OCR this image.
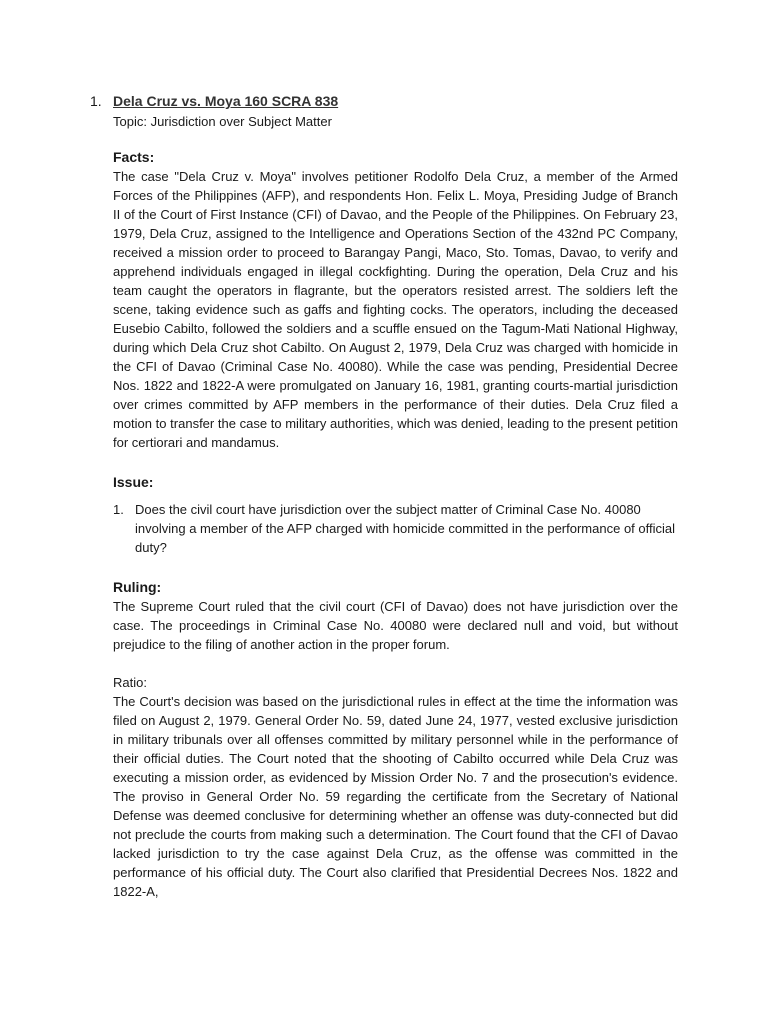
1. Dela Cruz vs. Moya 160 SCRA 838
Topic: Jurisdiction over Subject Matter
Facts:

The case "Dela Cruz v. Moya" involves petitioner Rodolfo Dela Cruz, a member of the Armed Forces of the Philippines (AFP), and respondents Hon. Felix L. Moya, Presiding Judge of Branch II of the Court of First Instance (CFI) of Davao, and the People of the Philippines. On February 23, 1979, Dela Cruz, assigned to the Intelligence and Operations Section of the 432nd PC Company, received a mission order to proceed to Barangay Pangi, Maco, Sto. Tomas, Davao, to verify and apprehend individuals engaged in illegal cockfighting. During the operation, Dela Cruz and his team caught the operators in flagrante, but the operators resisted arrest. The soldiers left the scene, taking evidence such as gaffs and fighting cocks. The operators, including the deceased Eusebio Cabilto, followed the soldiers and a scuffle ensued on the Tagum-Mati National Highway, during which Dela Cruz shot Cabilto. On August 2, 1979, Dela Cruz was charged with homicide in the CFI of Davao (Criminal Case No. 40080). While the case was pending, Presidential Decree Nos. 1822 and 1822-A were promulgated on January 16, 1981, granting courts-martial jurisdiction over crimes committed by AFP members in the performance of their duties. Dela Cruz filed a motion to transfer the case to military authorities, which was denied, leading to the present petition for certiorari and mandamus.

Issue:
1. Does the civil court have jurisdiction over the subject matter of Criminal Case No. 40080 involving a member of the AFP charged with homicide committed in the performance of official duty?
Ruling:

The Supreme Court ruled that the civil court (CFI of Davao) does not have jurisdiction over the case. The proceedings in Criminal Case No. 40080 were declared null and void, but without prejudice to the filing of another action in the proper forum.

Ratio:

The Court's decision was based on the jurisdictional rules in effect at the time the information was filed on August 2, 1979. General Order No. 59, dated June 24, 1977, vested exclusive jurisdiction in military tribunals over all offenses committed by military personnel while in the performance of their official duties. The Court noted that the shooting of Cabilto occurred while Dela Cruz was executing a mission order, as evidenced by Mission Order No. 7 and the prosecution's evidence. The proviso in General Order No. 59 regarding the certificate from the Secretary of National Defense was deemed conclusive for determining whether an offense was duty-connected but did not preclude the courts from making such a determination. The Court found that the CFI of Davao lacked jurisdiction to try the case against Dela Cruz, as the offense was committed in the performance of his official duty. The Court also clarified that Presidential Decrees Nos. 1822 and 1822-A,
